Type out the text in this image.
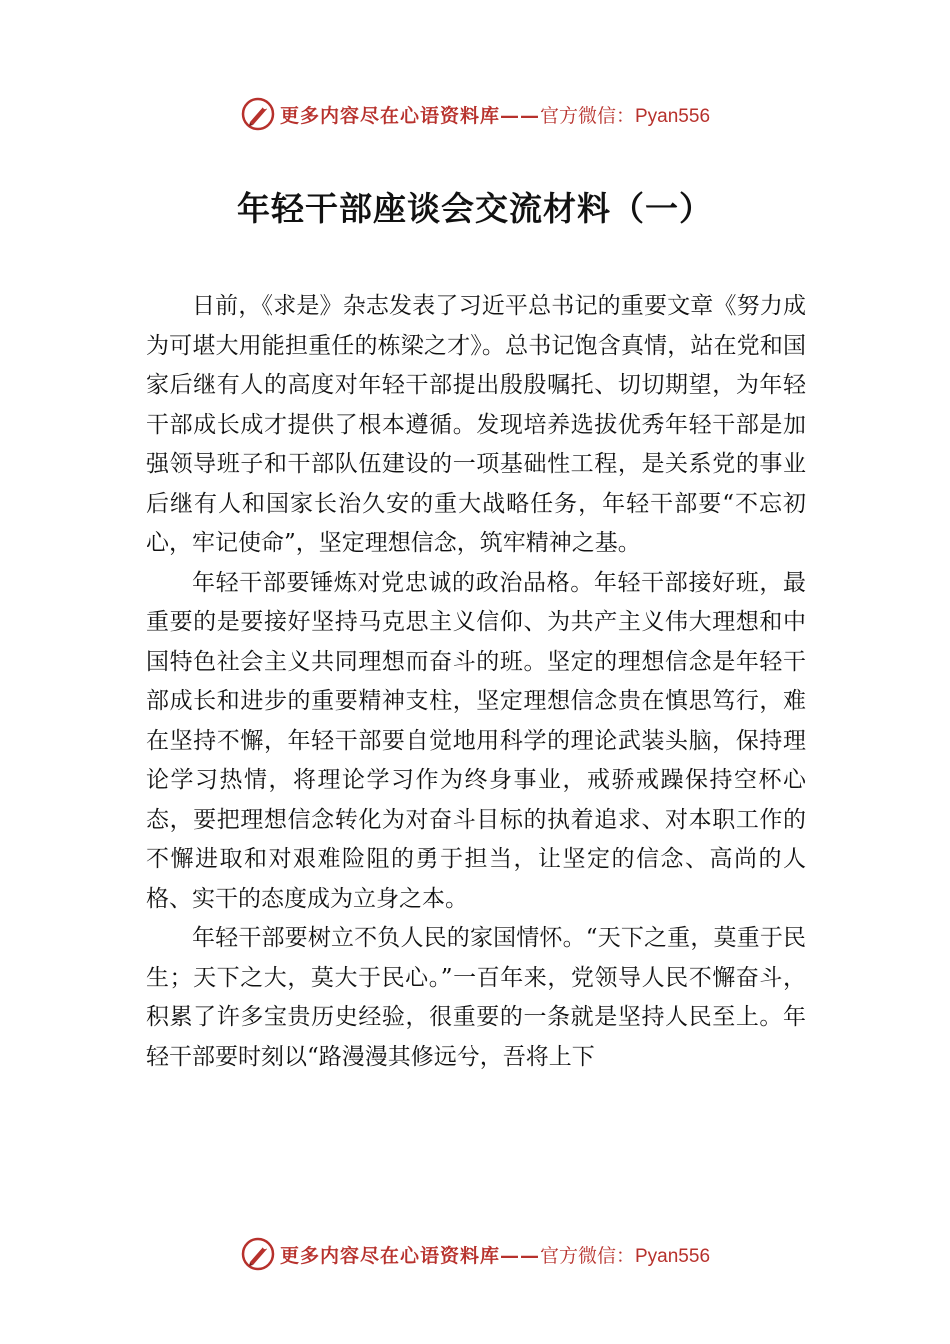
更多内容尽在心语资料库——官方微信：Pyan556
年轻干部座谈会交流材料（一）

日前，《求是》杂志发表了习近平总书记的重要文章《努力成为可堪大用能担重任的栋梁之才》。总书记饱含真情，站在党和国家后继有人的高度对年轻干部提出殷殷嘱托、切切期望，为年轻干部成长成才提供了根本遵循。发现培养选拔优秀年轻干部是加强领导班子和干部队伍建设的一项基础性工程，是关系党的事业后继有人和国家长治久安的重大战略任务，年轻干部要“不忘初心，牢记使命”，坚定理想信念，筑牢精神之基。

年轻干部要锤炼对党忠诚的政治品格。年轻干部接好班，最重要的是要接好坚持马克思主义信仰、为共产主义伟大理想和中国特色社会主义共同理想而奋斗的班。坚定的理想信念是年轻干部成长和进步的重要精神支柱，坚定理想信念贵在慎思笃行，难在坚持不懈，年轻干部要自觉地用科学的理论武装头脑，保持理论学习热情，将理论学习作为终身事业，戒骄戒躁保持空杯心态，要把理想信念转化为对奋斗目标的执着追求、对本职工作的不懈进取和对艰难险阻的勇于担当，让坚定的信念、高尚的人格、实干的态度成为立身之本。

年轻干部要树立不负人民的家国情怀。“天下之重，莫重于民生；天下之大，莫大于民心。”一百年来，党领导人民不懈奋斗，积累了许多宝贵历史经验，很重要的一条就是坚持人民至上。年轻干部要时刻以“路漫漫其修远兮，吾将上下

更多内容尽在心语资料库——官方微信：Pyan556
